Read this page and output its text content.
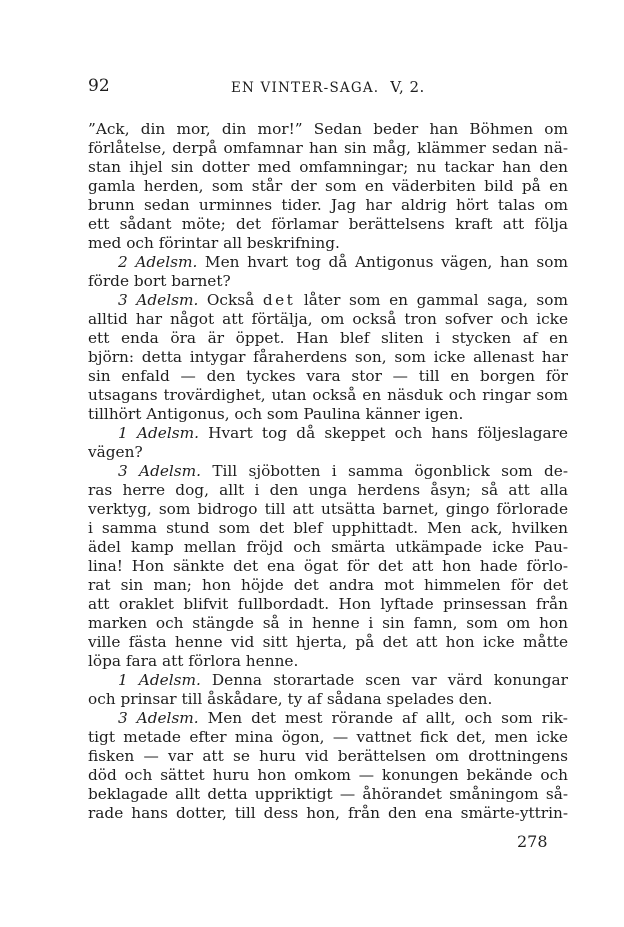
92	EN VINTER-SAGA. V, 2.
”Ack, din mor, din mor!” Sedan beder han Böhmen om
förlåtelse, derpå omfamnar han sin måg, klämmer sedan nä-
stan ihjel sin dotter med omfamningar; nu tackar han den
gamla herden, som står der som en väderbiten bild på en
brunn sedan urminnes tider. Jag har aldrig hört talas om
ett sådant möte; det förlamar berättelsens kraft att följa
med och förintar all beskrifning.
2 Adelsm. Men hvart tog då Antigonus vägen, han som
förde bort barnet?
3 Adelsm. Också det låter som en gammal saga, som
alltid har något att förtälja, om också tron sofver och icke
ett enda öra är öppet. Han blef sliten i stycken af en
björn: detta intygar fåraherdens son, som icke allenast har
sin enfald — den tyckes vara stor — till en borgen för
utsagans trovärdighet, utan också en näsduk och ringar som
tillhört Antigonus, och som Paulina känner igen.
1 Adelsm. Hvart tog då skeppet och hans följeslagare
vägen?
3 Adelsm. Till sjöbotten i samma ögonblick som de-
ras herre dog, allt i den unga herdens åsyn; så att alla
verktyg, som bidrogo till att utsätta barnet, gingo förlorade
i samma stund som det blef upphittadt. Men ack, hvilken
ädel kamp mellan fröjd och smärta utkämpade icke Pau-
lina! Hon sänkte det ena ögat för det att hon hade förlo-
rat sin man; hon höjde det andra mot himmelen för det
att oraklet blifvit fullbordadt. Hon lyftade prinsessan från
marken och stängde så in henne i sin famn, som om hon
ville fästa henne vid sitt hjerta, på det att hon icke måtte
löpa fara att förlora henne.
1 Adelsm. Denna storartade scen var värd konungar
och prinsar till åskådare, ty af sådana spelades den.
3 Adelsm. Men det mest rörande af allt, och som rik-
tigt metade efter mina ögon, — vattnet fick det, men icke
fisken — var att se huru vid berättelsen om drottningens
död och sättet huru hon omkom — konungen bekände och
beklagade allt detta uppriktigt — åhörandet småningom så-
rade hans dotter, till dess hon, från den ena smärte-yttrin-
278
